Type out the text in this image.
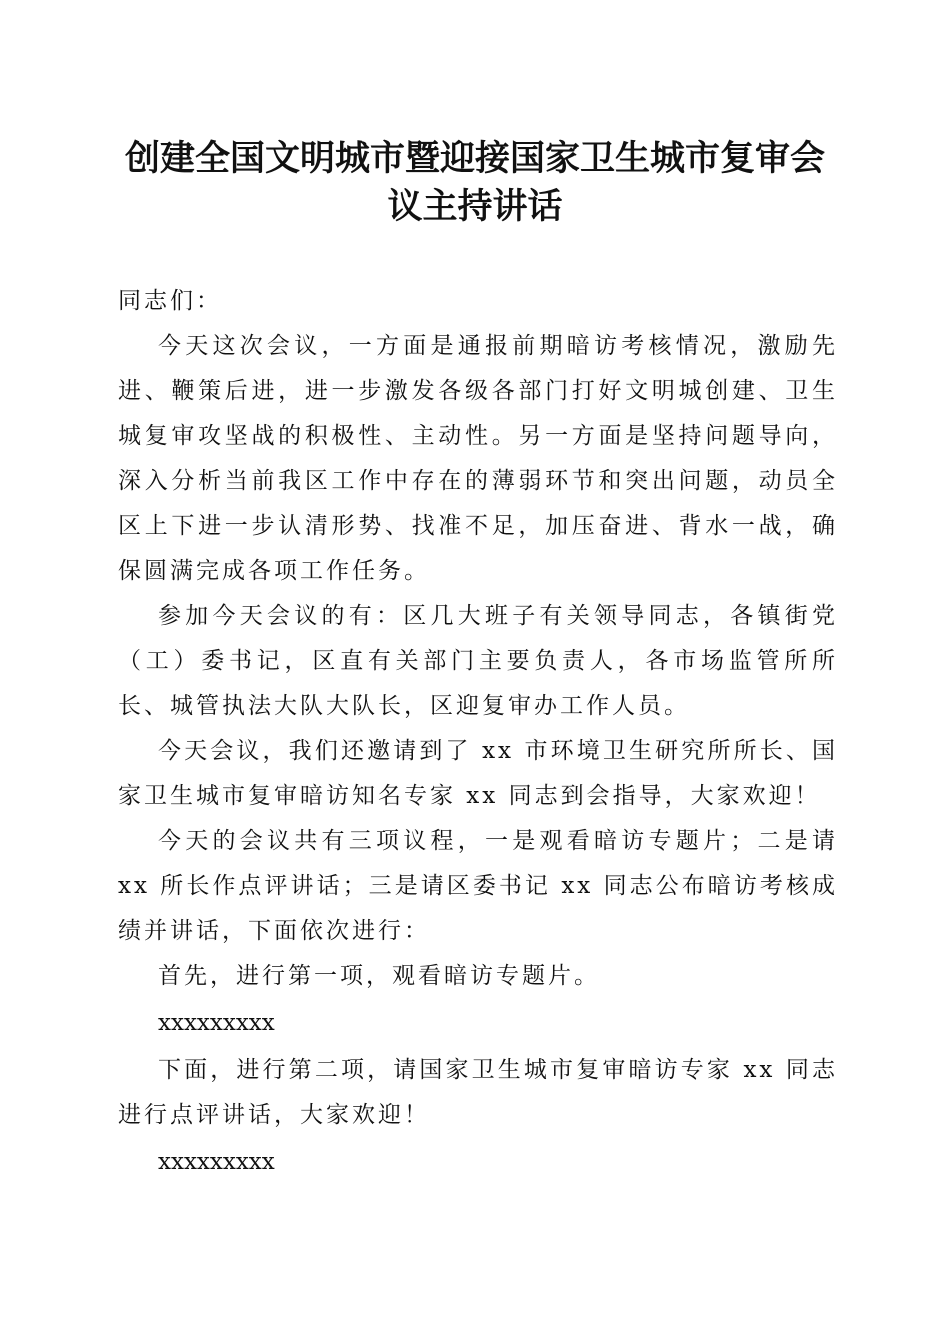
创建全国文明城市暨迎接国家卫生城市复审会
议主持讲话

同志们：

今天这次会议，一方面是通报前期暗访考核情况，激励先进、鞭策后进，进一步激发各级各部门打好文明城创建、卫生城复审攻坚战的积极性、主动性。另一方面是坚持问题导向，深入分析当前我区工作中存在的薄弱环节和突出问题，动员全区上下进一步认清形势、找准不足，加压奋进、背水一战，确保圆满完成各项工作任务。

参加今天会议的有：区几大班子有关领导同志，各镇街党（工）委书记，区直有关部门主要负责人，各市场监管所所长、城管执法大队大队长，区迎复审办工作人员。

今天会议，我们还邀请到了 xx 市环境卫生研究所所长、国家卫生城市复审暗访知名专家 xx 同志到会指导，大家欢迎！

今天的会议共有三项议程，一是观看暗访专题片；二是请 xx 所长作点评讲话；三是请区委书记 xx 同志公布暗访考核成绩并讲话，下面依次进行：

首先，进行第一项，观看暗访专题片。

xxxxxxxxx

下面，进行第二项，请国家卫生城市复审暗访专家 xx 同志进行点评讲话，大家欢迎！

xxxxxxxxx
